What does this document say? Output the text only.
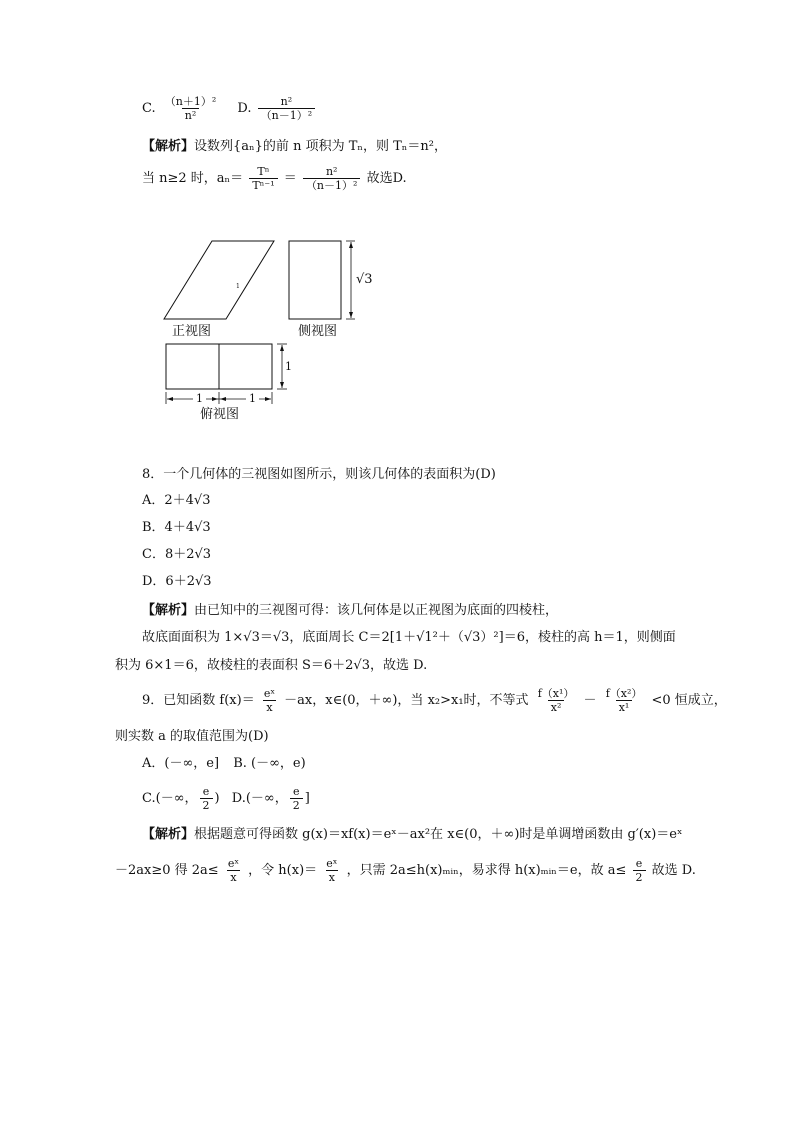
C. $\frac{\text{（n＋1）²}}{\text{n²}} D$. $\frac{\text{n²}}{\text{（n－1）²}}$
【解析】设数列{aₙ}的前 n 项积为 Tₙ，则 Tₙ＝n²，
当 n≥2 时，$a_n= \frac{\text{Tⁿ}}{\text{Tⁿ⁻¹}} = \frac{\text{n²}}{\text{（n－1）²}}$ 故选D.
1	√3
1
1	1
正视图	侧视图
俯视图
8．一个几何体的三视图如图所示，则该几何体的表面积为(D)
A．2＋4√3
B．4＋4√3
C．8＋2√3
D．6＋2√3
【解析】由已知中的三视图可得：该几何体是以正视图为底面的四棱柱，
故底面面积为 1×√3＝√3，底面周长 C＝2[1＋√1²＋（√3）²]＝6，棱柱的高 h＝1，则侧面
积为 6×1＝6，故棱柱的表面积 S＝6＋2√3，故选 D.
9．已知函数 $f(x)= \frac{\text{eˣ}}{x} -ax$，x∈(0，＋∞)，当 x₂>x₁时，不等式 $\frac{\text{f（x¹）}}{\text{x²}} - \frac{\text{f（x²）}}{\text{x¹}} <0$ 恒成立，
则实数 a 的取值范围为(D)
A．(－∞，e] B. (－∞，e)
C.(－∞， $\frac{e}{2}$ ) D.(－∞， $\frac{e}{2}$ ]
【解析】根据题意可得函数 g(x)＝xf(x)＝eˣ－ax²在 x∈(0，＋∞)时是单调增函数由 g′(x)＝eˣ
－2ax≥0 得 $2a\le \frac{\text{eˣ}}{x}$ ，令 $h(x)= \frac{\text{eˣ}}{x}$ ，只需 2a≤h(x)ₘᵢₙ，易求得 h(x)ₘᵢₙ＝e，故 $a\le \frac{e}{2}$ 故选 D.
